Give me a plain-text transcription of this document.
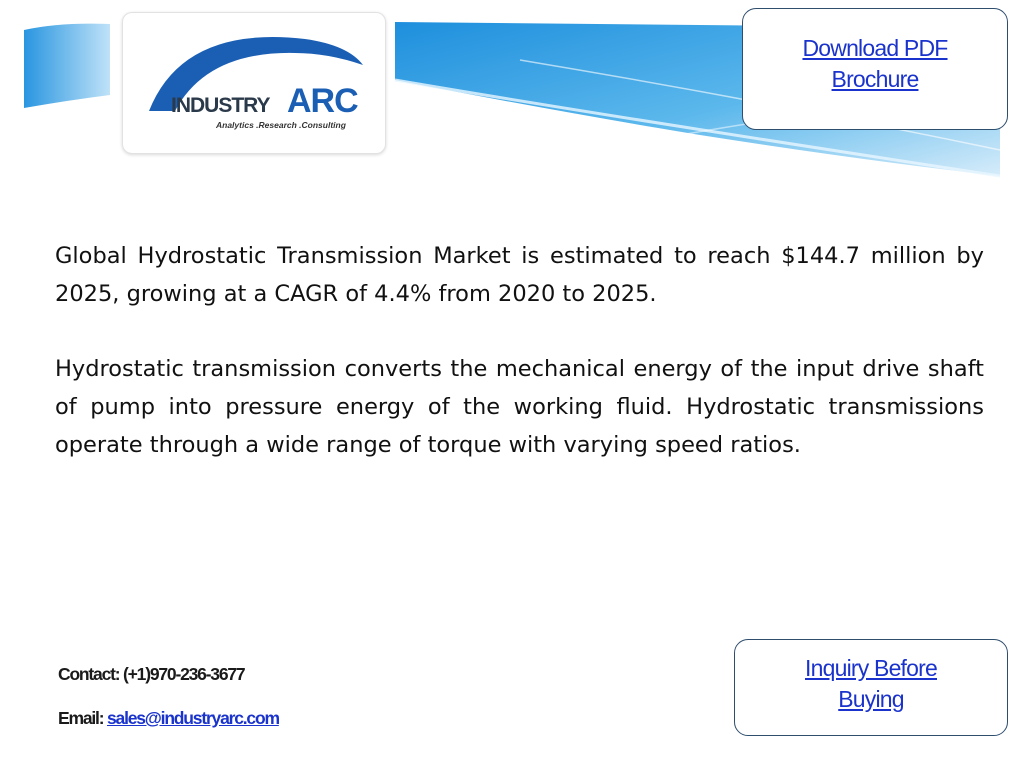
INDUSTRY ARC
Analytics .Research .Consulting
Download PDF Brochure

Global Hydrostatic Transmission Market is estimated to reach $144.7 million by 2025, growing at a CAGR of 4.4% from 2020 to 2025.

Hydrostatic transmission converts the mechanical energy of the input drive shaft of pump into pressure energy of the working fluid. Hydrostatic transmissions operate through a wide range of torque with varying speed ratios.

Contact: (+1)970-236-3677
Email: sales@industryarc.com
Inquiry Before Buying
